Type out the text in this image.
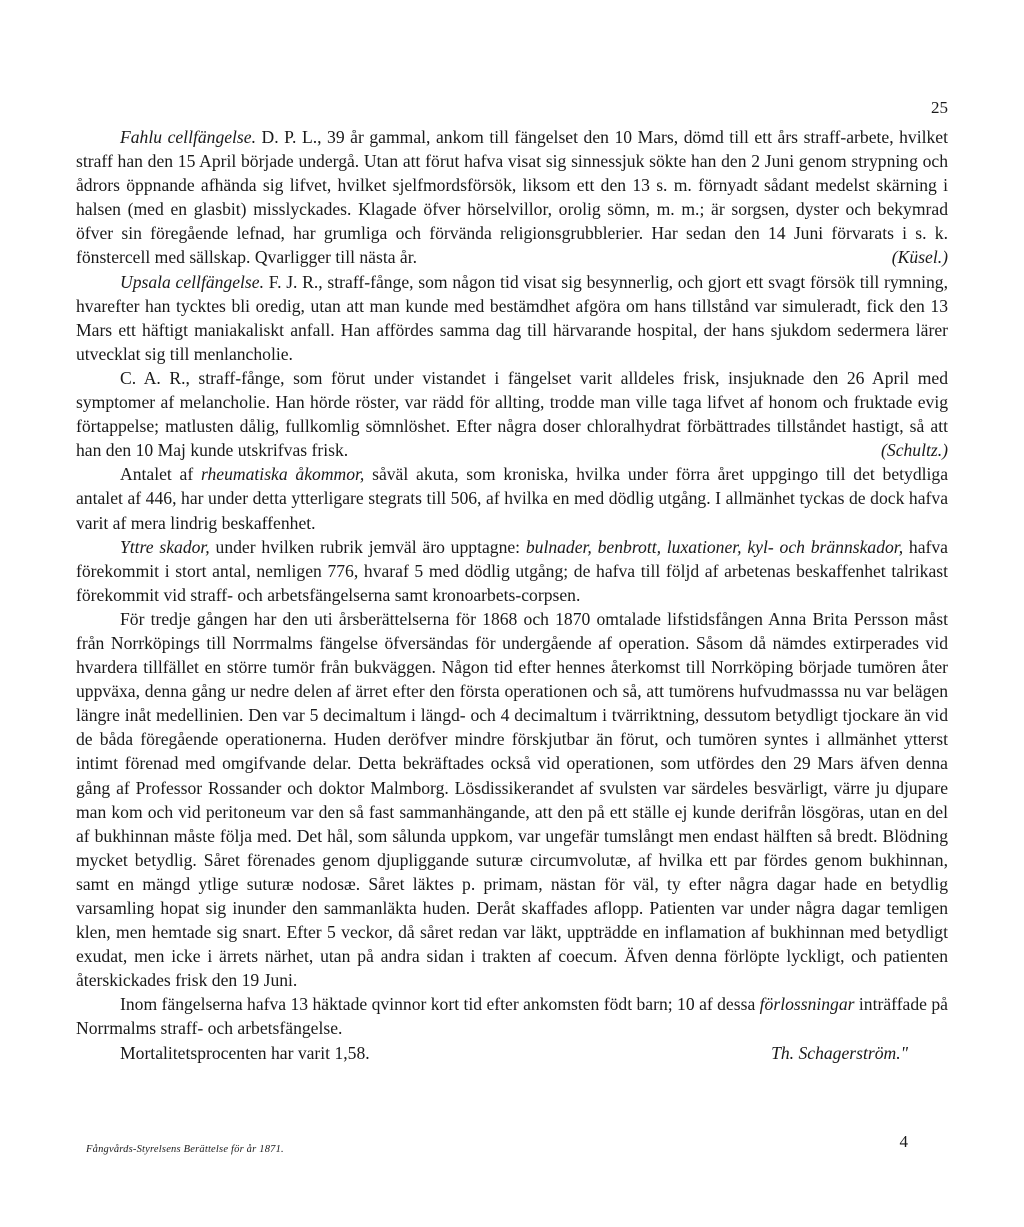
25

Fahlu cellfängelse. D. P. L., 39 år gammal, ankom till fängelset den 10 Mars, dömd till ett års straff-arbete, hvilket straff han den 15 April började undergå. Utan att förut hafva visat sig sinnessjuk sökte han den 2 Juni genom strypning och ådrors öppnande afhända sig lifvet, hvilket sjelfmordsförsök, liksom ett den 13 s. m. förnyadt sådant medelst skärning i halsen (med en glasbit) misslyckades. Klagade öfver hörselvillor, orolig sömn, m. m.; är sorgsen, dyster och bekymrad öfver sin föregående lefnad, har grumliga och förvända religionsgrubblerier. Har sedan den 14 Juni förvarats i s. k. fönstercell med sällskap. Qvarligger till nästa år.	(Küsel.)

Upsala cellfängelse. F. J. R., straff-fånge, som någon tid visat sig besynnerlig, och gjort ett svagt försök till rymning, hvarefter han tycktes bli oredig, utan att man kunde med bestämdhet afgöra om hans tillstånd var simuleradt, fick den 13 Mars ett häftigt maniakaliskt anfall. Han affördes samma dag till härvarande hospital, der hans sjukdom sedermera lärer utvecklat sig till menlancholie.

C. A. R., straff-fånge, som förut under vistandet i fängelset varit alldeles frisk, insjuknade den 26 April med symptomer af melancholie. Han hörde röster, var rädd för allting, trodde man ville taga lifvet af honom och fruktade evig förtappelse; matlusten dålig, fullkomlig sömnlöshet. Efter några doser chloralhydrat förbättrades tillståndet hastigt, så att han den 10 Maj kunde utskrifvas frisk.	(Schultz.)

Antalet af rheumatiska åkommor, såväl akuta, som kroniska, hvilka under förra året uppgingo till det betydliga antalet af 446, har under detta ytterligare stegrats till 506, af hvilka en med dödlig utgång. I allmänhet tyckas de dock hafva varit af mera lindrig beskaffenhet.

Yttre skador, under hvilken rubrik jemväl äro upptagne: bulnader, benbrott, luxationer, kyl- och brännskador, hafva förekommit i stort antal, nemligen 776, hvaraf 5 med dödlig utgång; de hafva till följd af arbetenas beskaffenhet talrikast förekommit vid straff- och arbetsfängelserna samt kronoarbets-corpsen.

För tredje gången har den uti årsberättelserna för 1868 och 1870 omtalade lifstidsfången Anna Brita Persson måst från Norrköpings till Norrmalms fängelse öfversändas för undergående af operation. Såsom då nämdes extirperades vid hvardera tillfället en större tumör från bukväggen. Någon tid efter hennes återkomst till Norrköping började tumören åter uppväxa, denna gång ur nedre delen af ärret efter den första operationen och så, att tumörens hufvudmasssa nu var belägen längre inåt medellinien. Den var 5 decimaltum i längd- och 4 decimaltum i tvärriktning, dessutom betydligt tjockare än vid de båda föregående operationerna. Huden deröfver mindre förskjutbar än förut, och tumören syntes i allmänhet ytterst intimt förenad med omgifvande delar. Detta bekräftades också vid operationen, som utfördes den 29 Mars äfven denna gång af Professor Rossander och doktor Malmborg. Lösdissikerandet af svulsten var särdeles besvärligt, värre ju djupare man kom och vid peritoneum var den så fast sammanhängande, att den på ett ställe ej kunde derifrån lösgöras, utan en del af bukhinnan måste följa med. Det hål, som sålunda uppkom, var ungefär tumslångt men endast hälften så bredt. Blödning mycket betydlig. Såret förenades genom djupliggande suturæ circumvolutæ, af hvilka ett par fördes genom bukhinnan, samt en mängd ytlige suturæ nodosæ. Såret läktes p. primam, nästan för väl, ty efter några dagar hade en betydlig varsamling hopat sig inunder den sammanläkta huden. Deråt skaffades aflopp. Patienten var under några dagar temligen klen, men hemtade sig snart. Efter 5 veckor, då såret redan var läkt, uppträdde en inflamation af bukhinnan med betydligt exudat, men icke i ärrets närhet, utan på andra sidan i trakten af coecum. Äfven denna förlöpte lyckligt, och patienten återskickades frisk den 19 Juni.

Inom fängelserna hafva 13 häktade qvinnor kort tid efter ankomsten födt barn; 10 af dessa förlossningar inträffade på Norrmalms straff- och arbetsfängelse.

Mortalitetsprocenten har varit 1,58.	Th. Schagerström."
Fångvårds-Styrelsens Berättelse för år 1871.	4
